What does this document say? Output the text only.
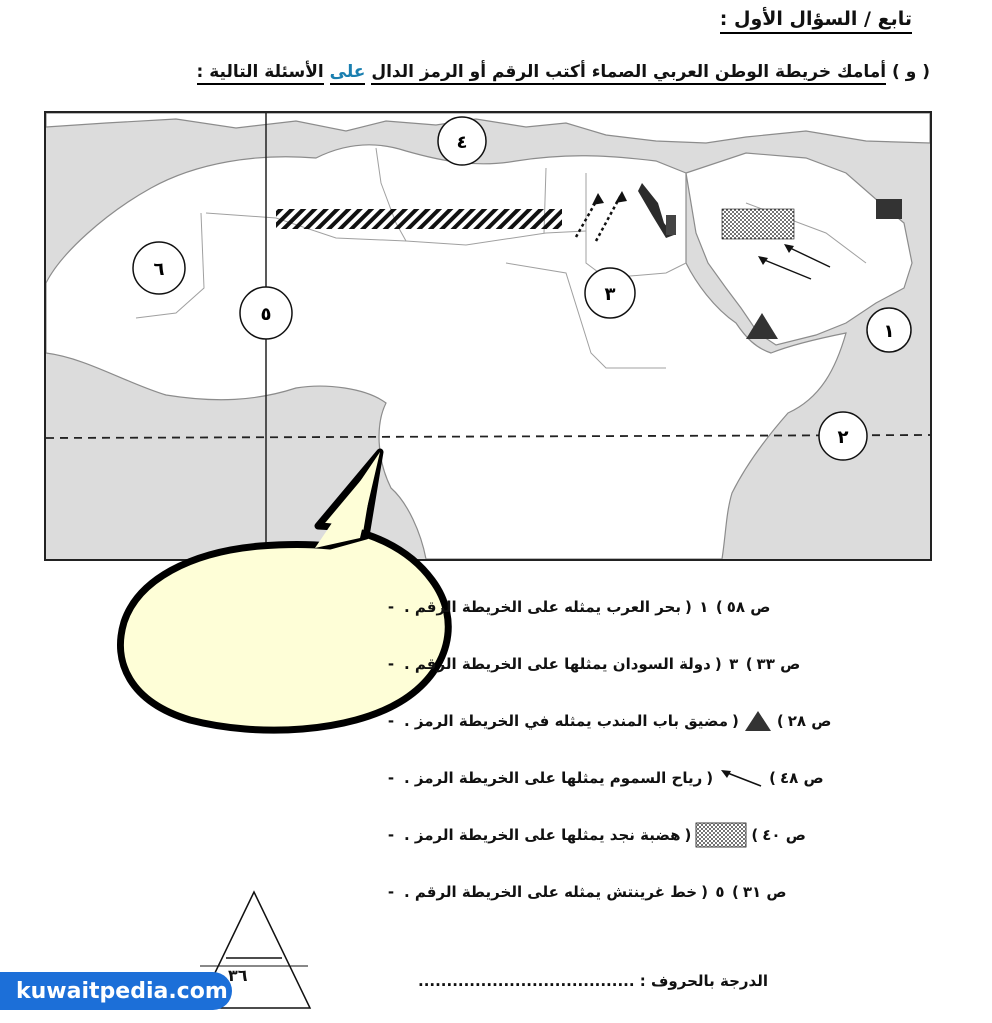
تابع / السؤال الأول :
( و ) أمامك خريطة الوطن العربي الصماء أكتب الرقم أو الرمز الدال على الأسئلة التالية :
١
٢
٣
٤
٥
٦
- بحر العرب يمثله على الخريطة الرقم . ( ١ ) ص ٥٨
- دولة السودان يمثلها على الخريطة الرقم . ( ٣ ) ص ٣٣
- مضيق باب المندب يمثله في الخريطة الرمز . (	) ص ٢٨
- رياح السموم يمثلها على الخريطة الرمز . (	) ص ٤٨
- هضبة نجد يمثلها على الخريطة الرمز . (	) ص ٤٠
- خط غرينتش يمثله على الخريطة الرقم . ( ٥ ) ص ٣١
٣٦	الدرجة بالحروف : ......................................
kuwaitpedia.com
